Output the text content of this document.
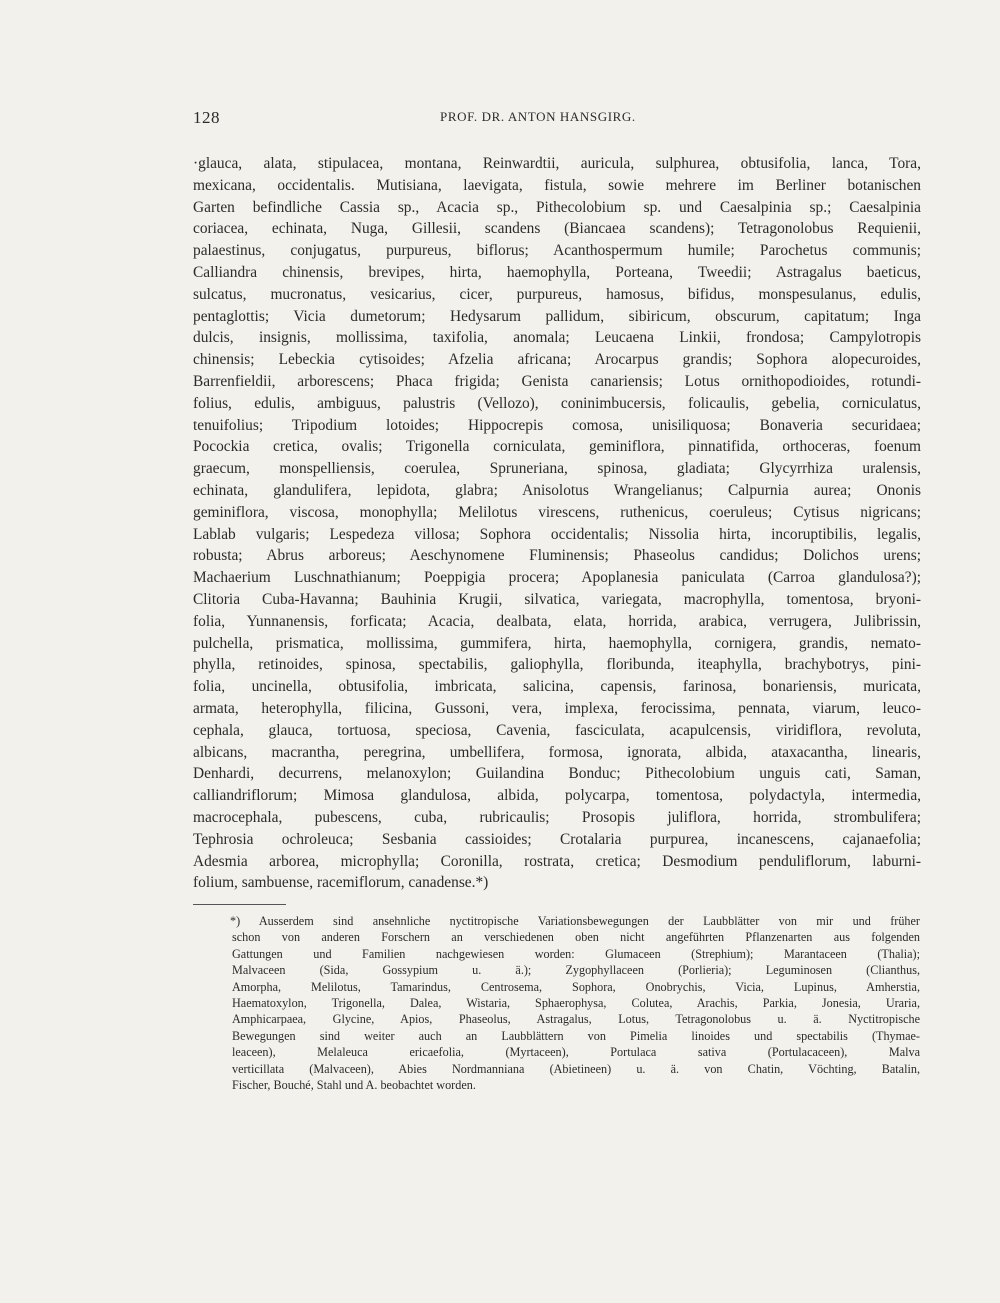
128	PROF. DR. ANTON HANSGIRG.
·glauca, alata, stipulacea, montana, Reinwardtii, auricula, sulphurea, obtusifolia, lanca, Tora,
mexicana, occidentalis. Mutisiana, laevigata, fistula, sowie mehrere im Berliner botanischen
Garten befindliche Cassia sp., Acacia sp., Pithecolobium sp. und Caesalpinia sp.; Caesalpinia
coriacea, echinata, Nuga, Gillesii, scandens (Biancaea scandens); Tetragonolobus Requienii,
palaestinus, conjugatus, purpureus, biflorus; Acanthospermum humile; Parochetus communis;
Calliandra chinensis, brevipes, hirta, haemophylla, Porteana, Tweedii; Astragalus baeticus,
sulcatus, mucronatus, vesicarius, cicer, purpureus, hamosus, bifidus, monspesulanus, edulis,
pentaglottis; Vicia dumetorum; Hedysarum pallidum, sibiricum, obscurum, capitatum; Inga
dulcis, insignis, mollissima, taxifolia, anomala; Leucaena Linkii, frondosa; Campylotropis
chinensis; Lebeckia cytisoides; Afzelia africana; Arocarpus grandis; Sophora alopecuroides,
Barrenfieldii, arborescens; Phaca frigida; Genista canariensis; Lotus ornithopodioides, rotundi-
folius, edulis, ambiguus, palustris (Vellozo), coninimbucersis, folicaulis, gebelia, corniculatus,
tenuifolius; Tripodium lotoides; Hippocrepis comosa, unisiliquosa; Bonaveria securidaea;
Pocockia cretica, ovalis; Trigonella corniculata, geminiflora, pinnatifida, orthoceras, foenum
graecum, monspelliensis, coerulea, Spruneriana, spinosa, gladiata; Glycyrrhiza uralensis,
echinata, glandulifera, lepidota, glabra; Anisolotus Wrangelianus; Calpurnia aurea; Ononis
geminiflora, viscosa, monophylla; Melilotus virescens, ruthenicus, coeruleus; Cytisus nigricans;
Lablab vulgaris; Lespedeza villosa; Sophora occidentalis; Nissolia hirta, incoruptibilis, legalis,
robusta; Abrus arboreus; Aeschynomene Fluminensis; Phaseolus candidus; Dolichos urens;
Machaerium Luschnathianum; Poeppigia procera; Apoplanesia paniculata (Carroa glandulosa?);
Clitoria Cuba-Havanna; Bauhinia Krugii, silvatica, variegata, macrophylla, tomentosa, bryoni-
folia, Yunnanensis, forficata; Acacia, dealbata, elata, horrida, arabica, verrugera, Julibrissin,
pulchella, prismatica, mollissima, gummifera, hirta, haemophylla, cornigera, grandis, nemato-
phylla, retinoides, spinosa, spectabilis, galiophylla, floribunda, iteaphylla, brachybotrys, pini-
folia, uncinella, obtusifolia, imbricata, salicina, capensis, farinosa, bonariensis, muricata,
armata, heterophylla, filicina, Gussoni, vera, implexa, ferocissima, pennata, viarum, leuco-
cephala, glauca, tortuosa, speciosa, Cavenia, fasciculata, acapulcensis, viridiflora, revoluta,
albicans, macrantha, peregrina, umbellifera, formosa, ignorata, albida, ataxacantha, linearis,
Denhardi, decurrens, melanoxylon; Guilandina Bonduc; Pithecolobium unguis cati, Saman,
calliandriflorum; Mimosa glandulosa, albida, polycarpa, tomentosa, polydactyla, intermedia,
macrocephala, pubescens, cuba, rubricaulis; Prosopis juliflora, horrida, strombulifera;
Tephrosia ochroleuca; Sesbania cassioides; Crotalaria purpurea, incanescens, cajanaefolia;
Adesmia arborea, microphylla; Coronilla, rostrata, cretica; Desmodium penduliflorum, laburni-
folium, sambuense, racemiflorum, canadense.*)
*) Ausserdem sind ansehnliche nyctitropische Variationsbewegungen der Laubblätter von mir und früher
schon von anderen Forschern an verschiedenen oben nicht angeführten Pflanzenarten aus folgenden
Gattungen und Familien nachgewiesen worden: Glumaceen (Strephium); Marantaceen (Thalia);
Malvaceen (Sida, Gossypium u. ä.); Zygophyllaceen (Porlieria); Leguminosen (Clianthus,
Amorpha, Melilotus, Tamarindus, Centrosema, Sophora, Onobrychis, Vicia, Lupinus, Amherstia,
Haematoxylon, Trigonella, Dalea, Wistaria, Sphaerophysa, Colutea, Arachis, Parkia, Jonesia, Uraria,
Amphicarpaea, Glycine, Apios, Phaseolus, Astragalus, Lotus, Tetragonolobus u. ä. Nyctitropische
Bewegungen sind weiter auch an Laubblättern von Pimelia linoides und spectabilis (Thymae-
leaceen), Melaleuca ericaefolia, (Myrtaceen), Portulaca sativa (Portulacaceen), Malva
verticillata (Malvaceen), Abies Nordmanniana (Abietineen) u. ä. von Chatin, Vöchting, Batalin,
Fischer, Bouché, Stahl und A. beobachtet worden.
